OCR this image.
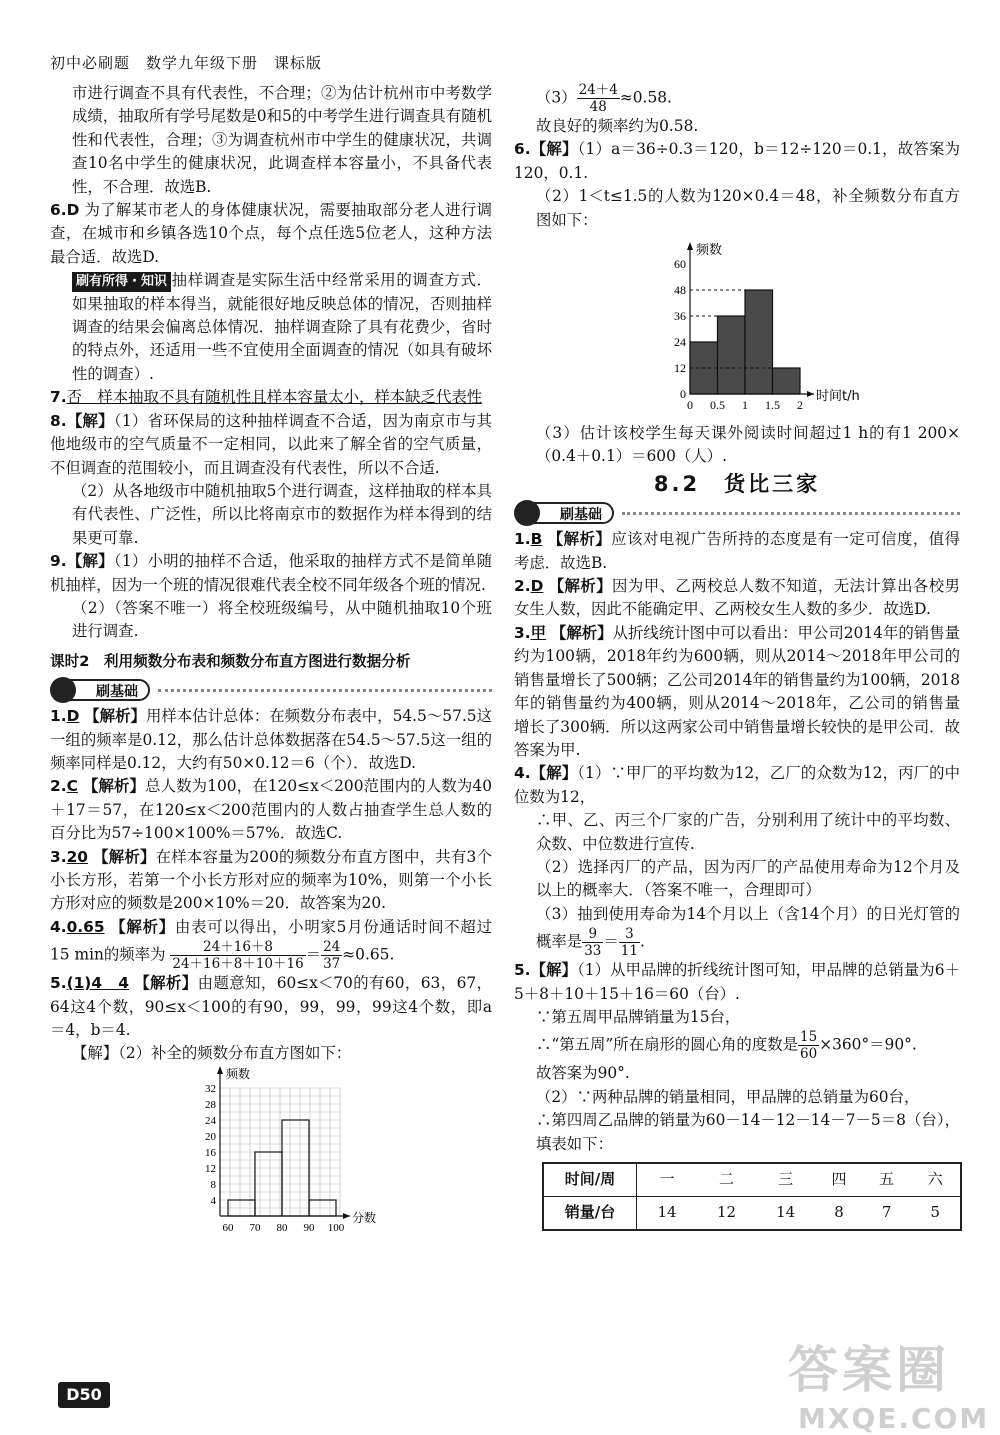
初中必刷题　数学九年级下册　课标版

市进行调查不具有代表性，不合理；②为估计杭州市中考数学成绩，抽取所有学号尾数是0和5的中考学生进行调查具有随机性和代表性，合理；③为调查杭州市中学生的健康状况，共调查10名中学生的健康状况，此调查样本容量小，不具备代表性，不合理．故选B.

6.D 为了解某市老人的身体健康状况，需要抽取部分老人进行调查，在城市和乡镇各选10个点，每个点任选5位老人，这种方法最合适．故选D.

刷有所得・知识 抽样调查是实际生活中经常采用的调查方式．如果抽取的样本得当，就能很好地反映总体的情况，否则抽样调查的结果会偏离总体情况．抽样调查除了具有花费少，省时的特点外，还适用一些不宜使用全面调查的情况（如具有破坏性的调查）.

7.否　样本抽取不具有随机性且样本容量太小，样本缺乏代表性

8.【解】（1）省环保局的这种抽样调查不合适，因为南京市与其他地级市的空气质量不一定相同，以此来了解全省的空气质量，不但调查的范围较小，而且调查没有代表性，所以不合适.

（2）从各地级市中随机抽取5个进行调查，这样抽取的样本具有代表性、广泛性，所以比将南京市的数据作为样本得到的结果更可靠.

9.【解】（1）小明的抽样不合适，他采取的抽样方式不是简单随机抽样，因为一个班的情况很难代表全校不同年级各个班的情况.

（2）（答案不唯一）将全校班级编号，从中随机抽取10个班进行调查.

课时2　利用频数分布表和频数分布直方图进行数据分析
刷基础

1.D 【解析】用样本估计总体：在频数分布表中，54.5～57.5这一组的频率是0.12，那么估计总体数据落在54.5～57.5这一组的频率同样是0.12，大约有50×0.12＝6（个）．故选D.

2.C 【解析】总人数为100，在120≤x＜200范围内的人数为40＋17＝57，在120≤x＜200范围内的人数占抽查学生总人数的百分比为57÷100×100%＝57%．故选C.

3.20 【解析】在样本容量为200的频数分布直方图中，共有3个小长方形，若第一个小长方形对应的频率为10%，则第一个小长方形对应的频数是200×10%＝20．故答案为20.

4.0.65 【解析】由表可以得出，小明家5月份通话时间不超过15 min的频率为 $\frac{24+16+8}{24+16+8+10+16} = \frac{24}{37} \approx 0.65$.

5.(1)4　4 【解析】由题意知，60≤x＜70的有60，63，67，64这4个数，90≤x＜100的有90，99，99，99这4个数，即a＝4，b＝4.

【解】（2）补全的频数分布直方图如下：

4
8
12
16
20
24
28
32
60 70 80 90 100
频数
分数

$(3) \frac{24+4}{48} \approx 0.58$.

故良好的频率约为0.58.

6.【解】（1）a＝36÷0.3＝120，b＝12÷120＝0.1，故答案为120，0.1.

（2）1＜t≤1.5的人数为120×0.4＝48，补全频数分布直方图如下：

0
12
24
36
48
60
0 0.5 1 1.5 2
频数
时间t/h

（3）估计该校学生每天课外阅读时间超过1 h的有1 200×（0.4＋0.1）＝600（人）.

8.2　货比三家
刷基础

1.B 【解析】应该对电视广告所持的态度是有一定可信度，值得考虑．故选B.

2.D 【解析】因为甲、乙两校总人数不知道，无法计算出各校男女生人数，因此不能确定甲、乙两校女生人数的多少．故选D.

3.甲 【解析】从折线统计图中可以看出：甲公司2014年的销售量约为100辆，2018年约为600辆，则从2014～2018年甲公司的销售量增长了500辆；乙公司2014年的销售量约为100辆，2018年的销售量约为400辆，则从2014～2018年，乙公司的销售量增长了300辆．所以这两家公司中销售量增长较快的是甲公司．故答案为甲.

4.【解】（1）∵甲厂的平均数为12，乙厂的众数为12，丙厂的中位数为12，

∴甲、乙、丙三个厂家的广告，分别利用了统计中的平均数、众数、中位数进行宣传.

（2）选择丙厂的产品，因为丙厂的产品使用寿命为12个月及以上的概率大．（答案不唯一，合理即可）

（3）抽到使用寿命为14个月以上（含14个月）的日光灯管的概率是 $\frac{9}{33} = \frac{3}{11}$ .

5.【解】（1）从甲品牌的折线统计图可知，甲品牌的总销量为6＋5＋8＋10＋15＋16＝60（台）.

∵第五周甲品牌销量为15台，

∴“第五周”所在扇形的圆心角的度数是 $\frac{15}{60} \times 360^\circ=90^\circ$.

故答案为90°.

（2）∵两种品牌的销量相同，甲品牌的总销量为60台，

∴第四周乙品牌的销量为60－14－12－14－7－5＝8（台），填表如下：

时间/周	一	二	三	四	五	六
销量/台	14	12	14	8	7	5
D50	答案圈
MXQE.COM
